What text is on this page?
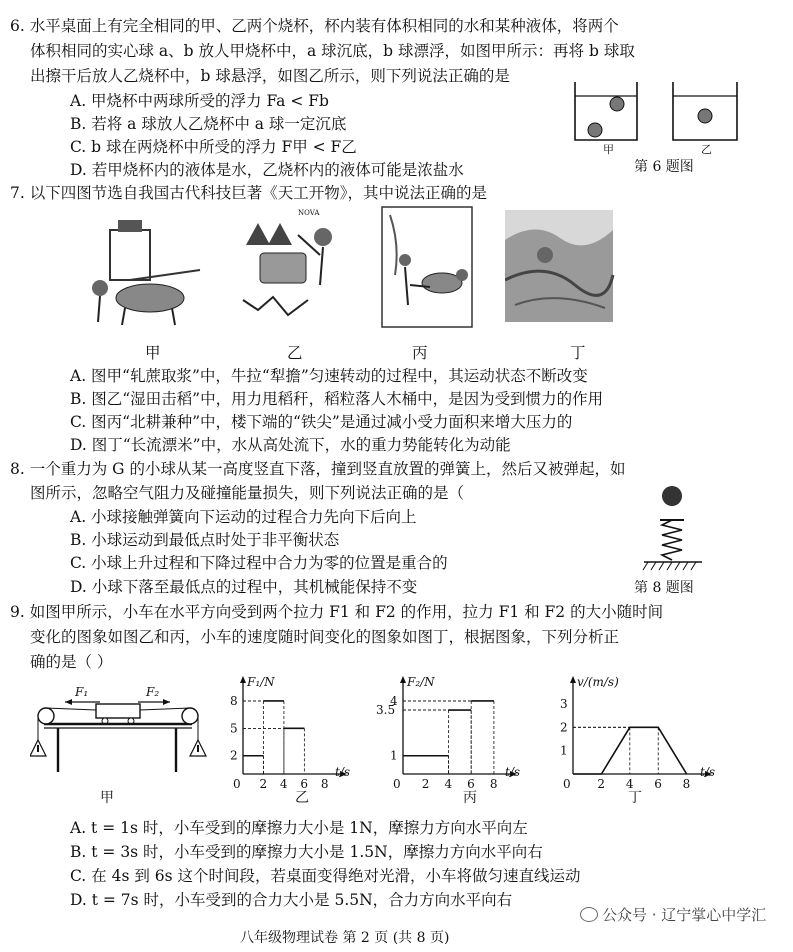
6. 水平桌面上有完全相同的甲、乙两个烧杯，杯内装有体积相同的水和某种液体，将两个
体积相同的实心球 a、b 放人甲烧杯中，a 球沉底，b 球漂浮，如图甲所示：再将 b 球取
出擦干后放人乙烧杯中，b 球悬浮，如图乙所示，则下列说法正确的是
A. 甲烧杯中两球所受的浮力 Fa < Fb
B. 若将 a 球放人乙烧杯中 a 球一定沉底
C. b 球在两烧杯中所受的浮力 F甲 < F乙
D. 若甲烧杯内的液体是水，乙烧杯内的液体可能是浓盐水
甲	乙
第 6 题图
7. 以下四图节选自我国古代科技巨著《天工开物》，其中说法正确的是
NOVA
甲	乙	丙	丁
A. 图甲“轧蔗取浆”中，牛拉“犁擔”匀速转动的过程中，其运动状态不断改变
B. 图乙“湿田击稻”中，用力甩稻秆，稻粒落人木桶中，是因为受到惯力的作用
C. 图丙“北耕兼种”中，楼下端的“铁尖”是通过减小受力面积来增大压力的
D. 图丁“长流漂米”中，水从高处流下，水的重力势能转化为动能
8. 一个重力为 G 的小球从某一高度竖直下落，撞到竖直放置的弹簧上，然后又被弹起，如
图所示，忽略空气阻力及碰撞能量损失，则下列说法正确的是（
A. 小球接触弹簧向下运动的过程合力先向下后向上
B. 小球运动到最低点时处于非平衡状态
C. 小球上升过程和下降过程中合力为零的位置是重合的
D. 小球下落至最低点的过程中，其机械能保持不变	第 8 题图
9. 如图甲所示，小车在水平方向受到两个拉力 F1 和 F2 的作用，拉力 F1 和 F2 的大小随时间
变化的图象如图乙和丙，小车的速度随时间变化的图象如图丁，根据图象，下列分析正
确的是（ ）
F₁	F₂
甲
0
F₁/N
t/s
2 4 6 8
2
5
8
0
F₂/N
t/s
2 4 6 8
1
3.5
4
0
v/(m/s)
t/s
2 4 6 8
1
2
3
乙	丙	丁
A. t = 1s 时，小车受到的摩擦力大小是 1N，摩擦力方向水平向左
B. t = 3s 时，小车受到的摩擦力大小是 1.5N，摩擦力方向水平向右
C. 在 4s 到 6s 这个时间段，若桌面变得绝对光滑，小车将做匀速直线运动
D. t = 7s 时，小车受到的合力大小是 5.5N，合力方向水平向右
公众号 · 辽宁掌心中学汇
八年级物理试卷 第 2 页 (共 8 页)
